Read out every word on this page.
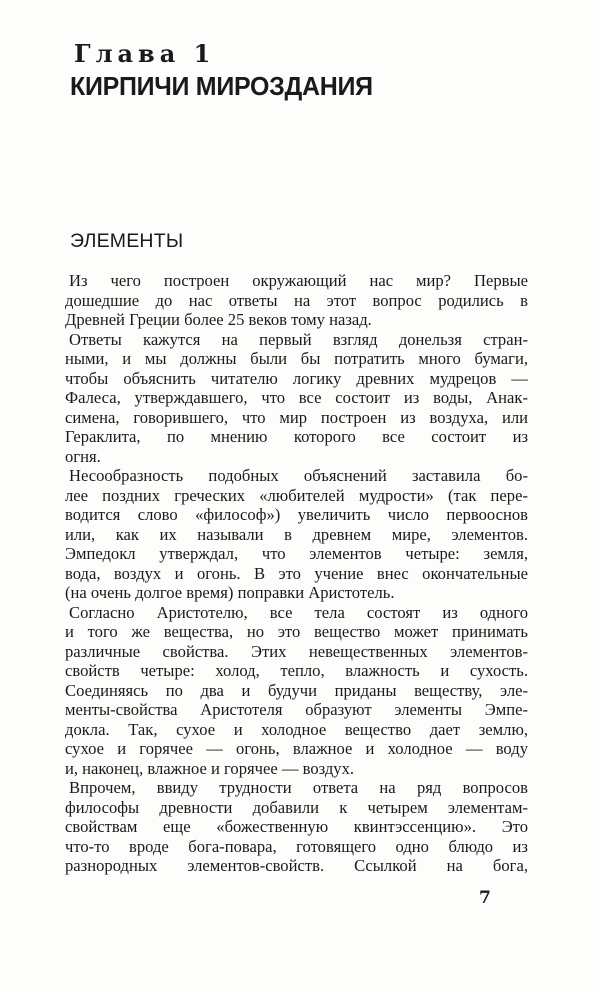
Глава 1
КИРПИЧИ МИРОЗДАНИЯ
ЭЛЕМЕНТЫ
Из чего построен окружающий нас мир? Первые
дошедшие до нас ответы на этот вопрос родились в
Древней Греции более 25 веков тому назад.
Ответы кажутся на первый взгляд донельзя стран-
ными, и мы должны были бы потратить много бумаги,
чтобы объяснить читателю логику древних мудрецов —
Фалеса, утверждавшего, что все состоит из воды, Анак-
симена, говорившего, что мир построен из воздуха, или
Гераклита, по мнению которого все состоит из
огня.
Несообразность подобных объяснений заставила бо-
лее поздних греческих «любителей мудрости» (так пере-
водится слово «философ») увеличить число первооснов
или, как их называли в древнем мире, элементов.
Эмпедокл утверждал, что элементов четыре: земля,
вода, воздух и огонь. В это учение внес окончательные
(на очень долгое время) поправки Аристотель.
Согласно Аристотелю, все тела состоят из одного
и того же вещества, но это вещество может принимать
различные свойства. Этих невещественных элементов-
свойств четыре: холод, тепло, влажность и сухость.
Соединяясь по два и будучи приданы веществу, эле-
менты-свойства Аристотеля образуют элементы Эмпе-
докла. Так, сухое и холодное вещество дает землю,
сухое и горячее — огонь, влажное и холодное — воду
и, наконец, влажное и горячее — воздух.
Впрочем, ввиду трудности ответа на ряд вопросов
философы древности добавили к четырем элементам-
свойствам еще «божественную квинтэссенцию». Это
что-то вроде бога-повара, готовящего одно блюдо из
разнородных элементов-свойств. Ссылкой на бога,
7
